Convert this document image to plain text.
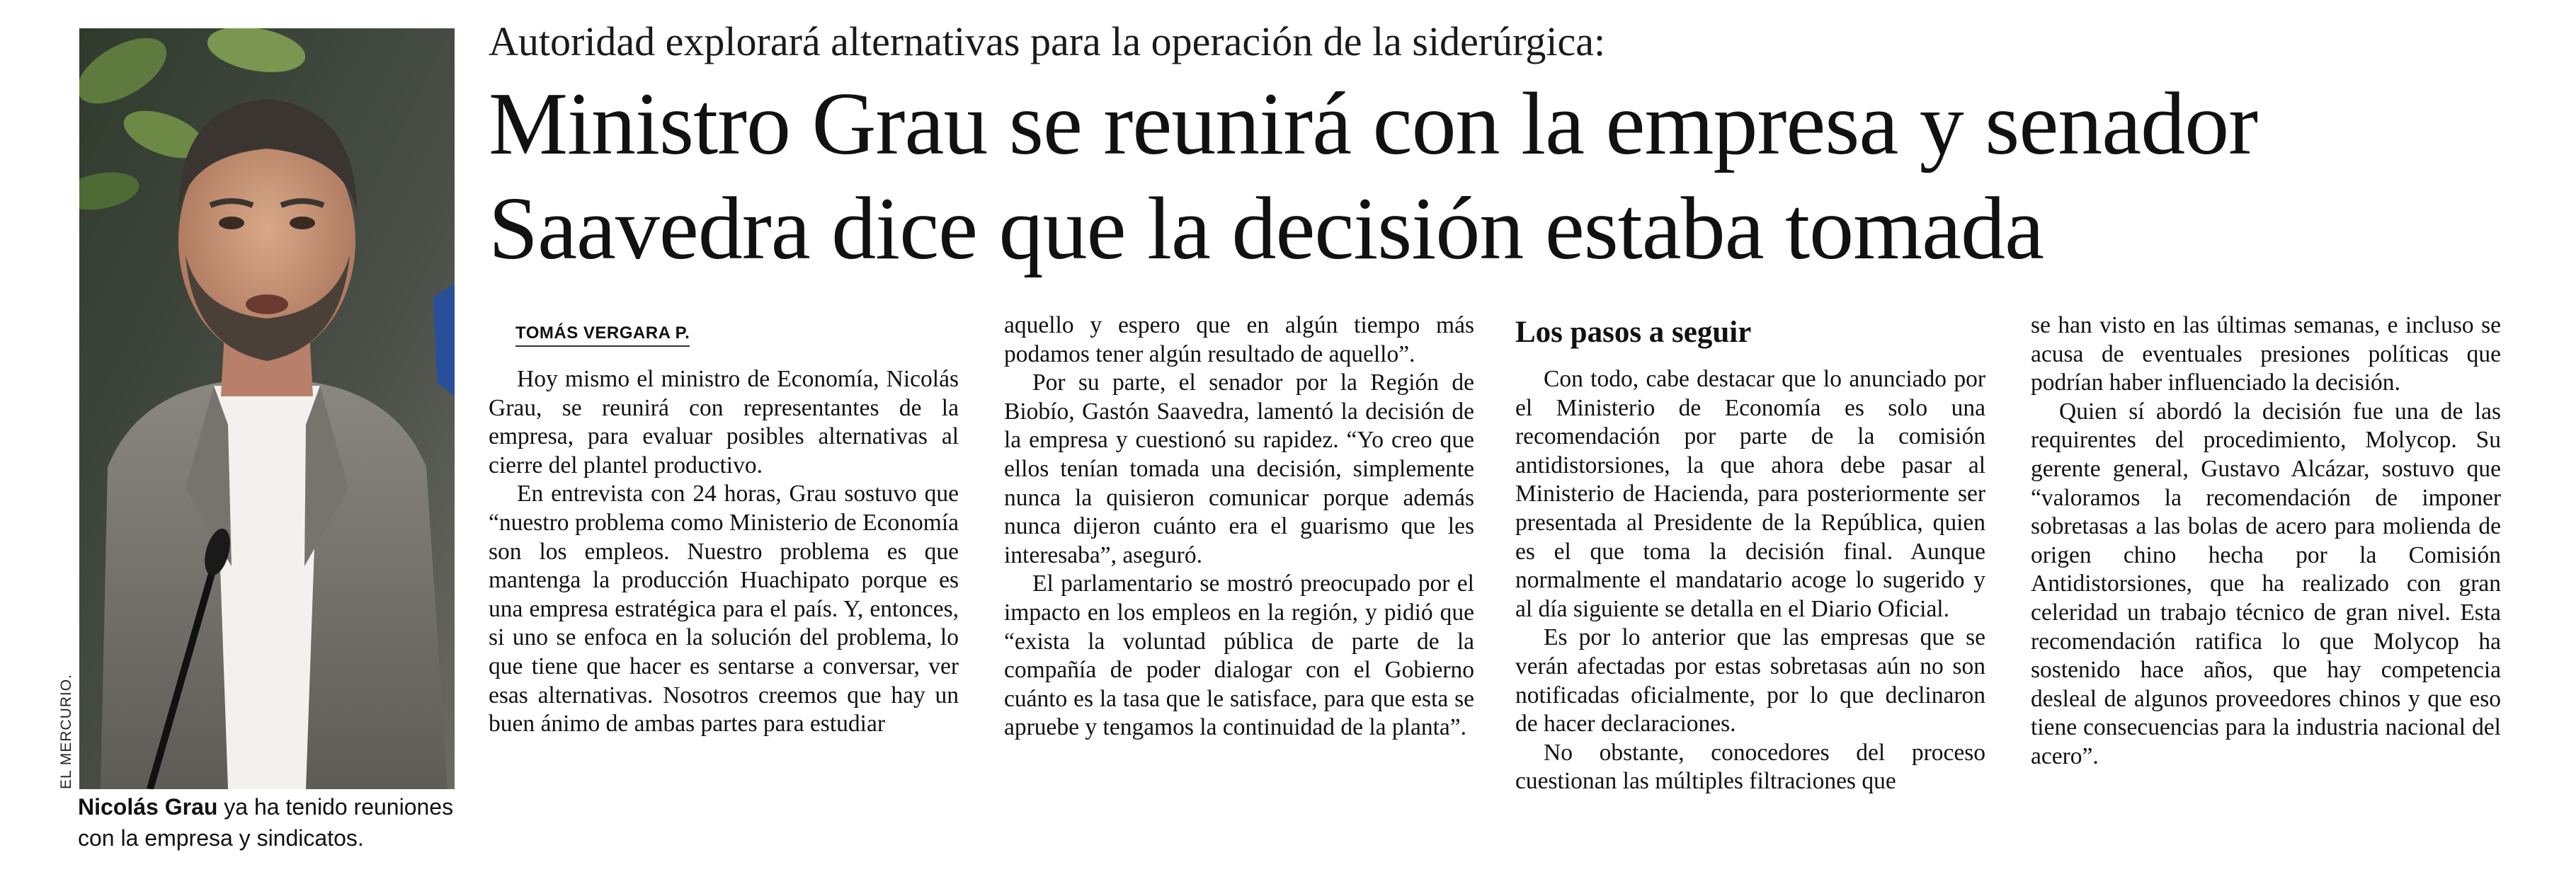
EL MERCURIO.
Nicolás Grau ya ha tenido reuniones con la empresa y sindicatos.
Autoridad explorará alternativas para la operación de la siderúrgica:
Ministro Grau se reunirá con la empresa y senador
Saavedra dice que la decisión estaba tomada
TOMÁS VERGARA P.

Hoy mismo el ministro de Economía, Nicolás Grau, se reunirá con representantes de la empresa, para evaluar posibles alternativas al cierre del plantel productivo.

En entrevista con 24 horas, Grau sostuvo que “nuestro problema como Ministerio de Economía son los empleos. Nuestro problema es que mantenga la producción Huachipato porque es una empresa estratégica para el país. Y, entonces, si uno se enfoca en la solución del problema, lo que tiene que hacer es sentarse a conversar, ver esas alternativas. Nosotros creemos que hay un buen ánimo de ambas partes para estudiar

aquello y espero que en algún tiempo más podamos tener algún resultado de aquello”.

Por su parte, el senador por la Región de Biobío, Gastón Saavedra, lamentó la decisión de la empresa y cuestionó su rapidez. “Yo creo que ellos tenían tomada una decisión, simplemente nunca la quisieron comunicar porque además nunca dijeron cuánto era el guarismo que les interesaba”, aseguró.

El parlamentario se mostró preocupado por el impacto en los empleos en la región, y pidió que “exista la voluntad pública de parte de la compañía de poder dialogar con el Gobierno cuánto es la tasa que le satisface, para que esta se apruebe y tengamos la continuidad de la planta”.

Los pasos a seguir

Con todo, cabe destacar que lo anunciado por el Ministerio de Economía es solo una recomendación por parte de la comisión antidistorsiones, la que ahora debe pasar al Ministerio de Hacienda, para posteriormente ser presentada al Presidente de la República, quien es el que toma la decisión final. Aunque normalmente el mandatario acoge lo sugerido y al día siguiente se detalla en el Diario Oficial.

Es por lo anterior que las empresas que se verán afectadas por estas sobretasas aún no son notificadas oficialmente, por lo que declinaron de hacer declaraciones.

No obstante, conocedores del proceso cuestionan las múltiples filtraciones que

se han visto en las últimas semanas, e incluso se acusa de eventuales presiones políticas que podrían haber influenciado la decisión.

Quien sí abordó la decisión fue una de las requirentes del procedimiento, Molycop. Su gerente general, Gustavo Alcázar, sostuvo que “valoramos la recomendación de imponer sobretasas a las bolas de acero para molienda de origen chino hecha por la Comisión Antidistorsiones, que ha realizado con gran celeridad un trabajo técnico de gran nivel. Esta recomendación ratifica lo que Molycop ha sostenido hace años, que hay competencia desleal de algunos proveedores chinos y que eso tiene consecuencias para la industria nacional del acero”.
